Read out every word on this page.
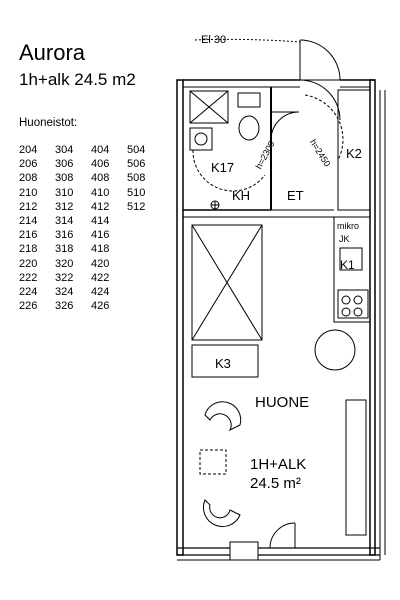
Aurora
1h+alk 24.5 m2
Huoneistot:
204	304	404	504
206	306	406	506
208	308	408	508
210	310	410	510
212	312	412	512
214	314	414
216	316	416
218	318	418
220	320	420
222	322	422
224	324	424
226	326	426
El 30
K17
KH	ET
K2
mikro
JK
K1
K3
h=2300	h=2450
HUONE
1H+ALK
24.5 m²
